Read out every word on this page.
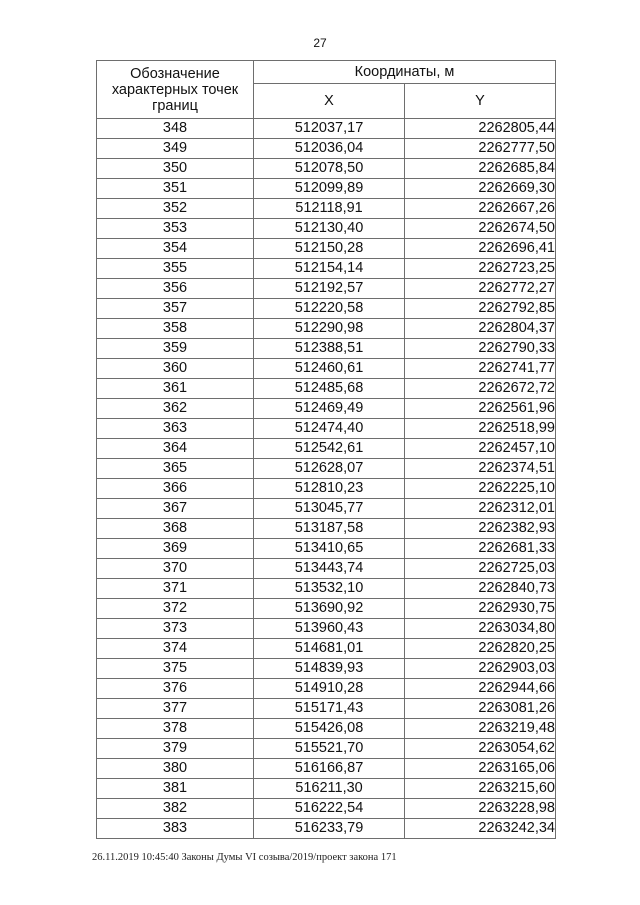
27
Обозначение характерных точек границ	Координаты, м	
	X	Y
348	512037,17	2262805,44
349	512036,04	2262777,50
350	512078,50	2262685,84
351	512099,89	2262669,30
352	512118,91	2262667,26
353	512130,40	2262674,50
354	512150,28	2262696,41
355	512154,14	2262723,25
356	512192,57	2262772,27
357	512220,58	2262792,85
358	512290,98	2262804,37
359	512388,51	2262790,33
360	512460,61	2262741,77
361	512485,68	2262672,72
362	512469,49	2262561,96
363	512474,40	2262518,99
364	512542,61	2262457,10
365	512628,07	2262374,51
366	512810,23	2262225,10
367	513045,77	2262312,01
368	513187,58	2262382,93
369	513410,65	2262681,33
370	513443,74	2262725,03
371	513532,10	2262840,73
372	513690,92	2262930,75
373	513960,43	2263034,80
374	514681,01	2262820,25
375	514839,93	2262903,03
376	514910,28	2262944,66
377	515171,43	2263081,26
378	515426,08	2263219,48
379	515521,70	2263054,62
380	516166,87	2263165,06
381	516211,30	2263215,60
382	516222,54	2263228,98
383	516233,79	2263242,34
26.11.2019 10:45:40 Законы Думы VI созыва/2019/проект закона 171
